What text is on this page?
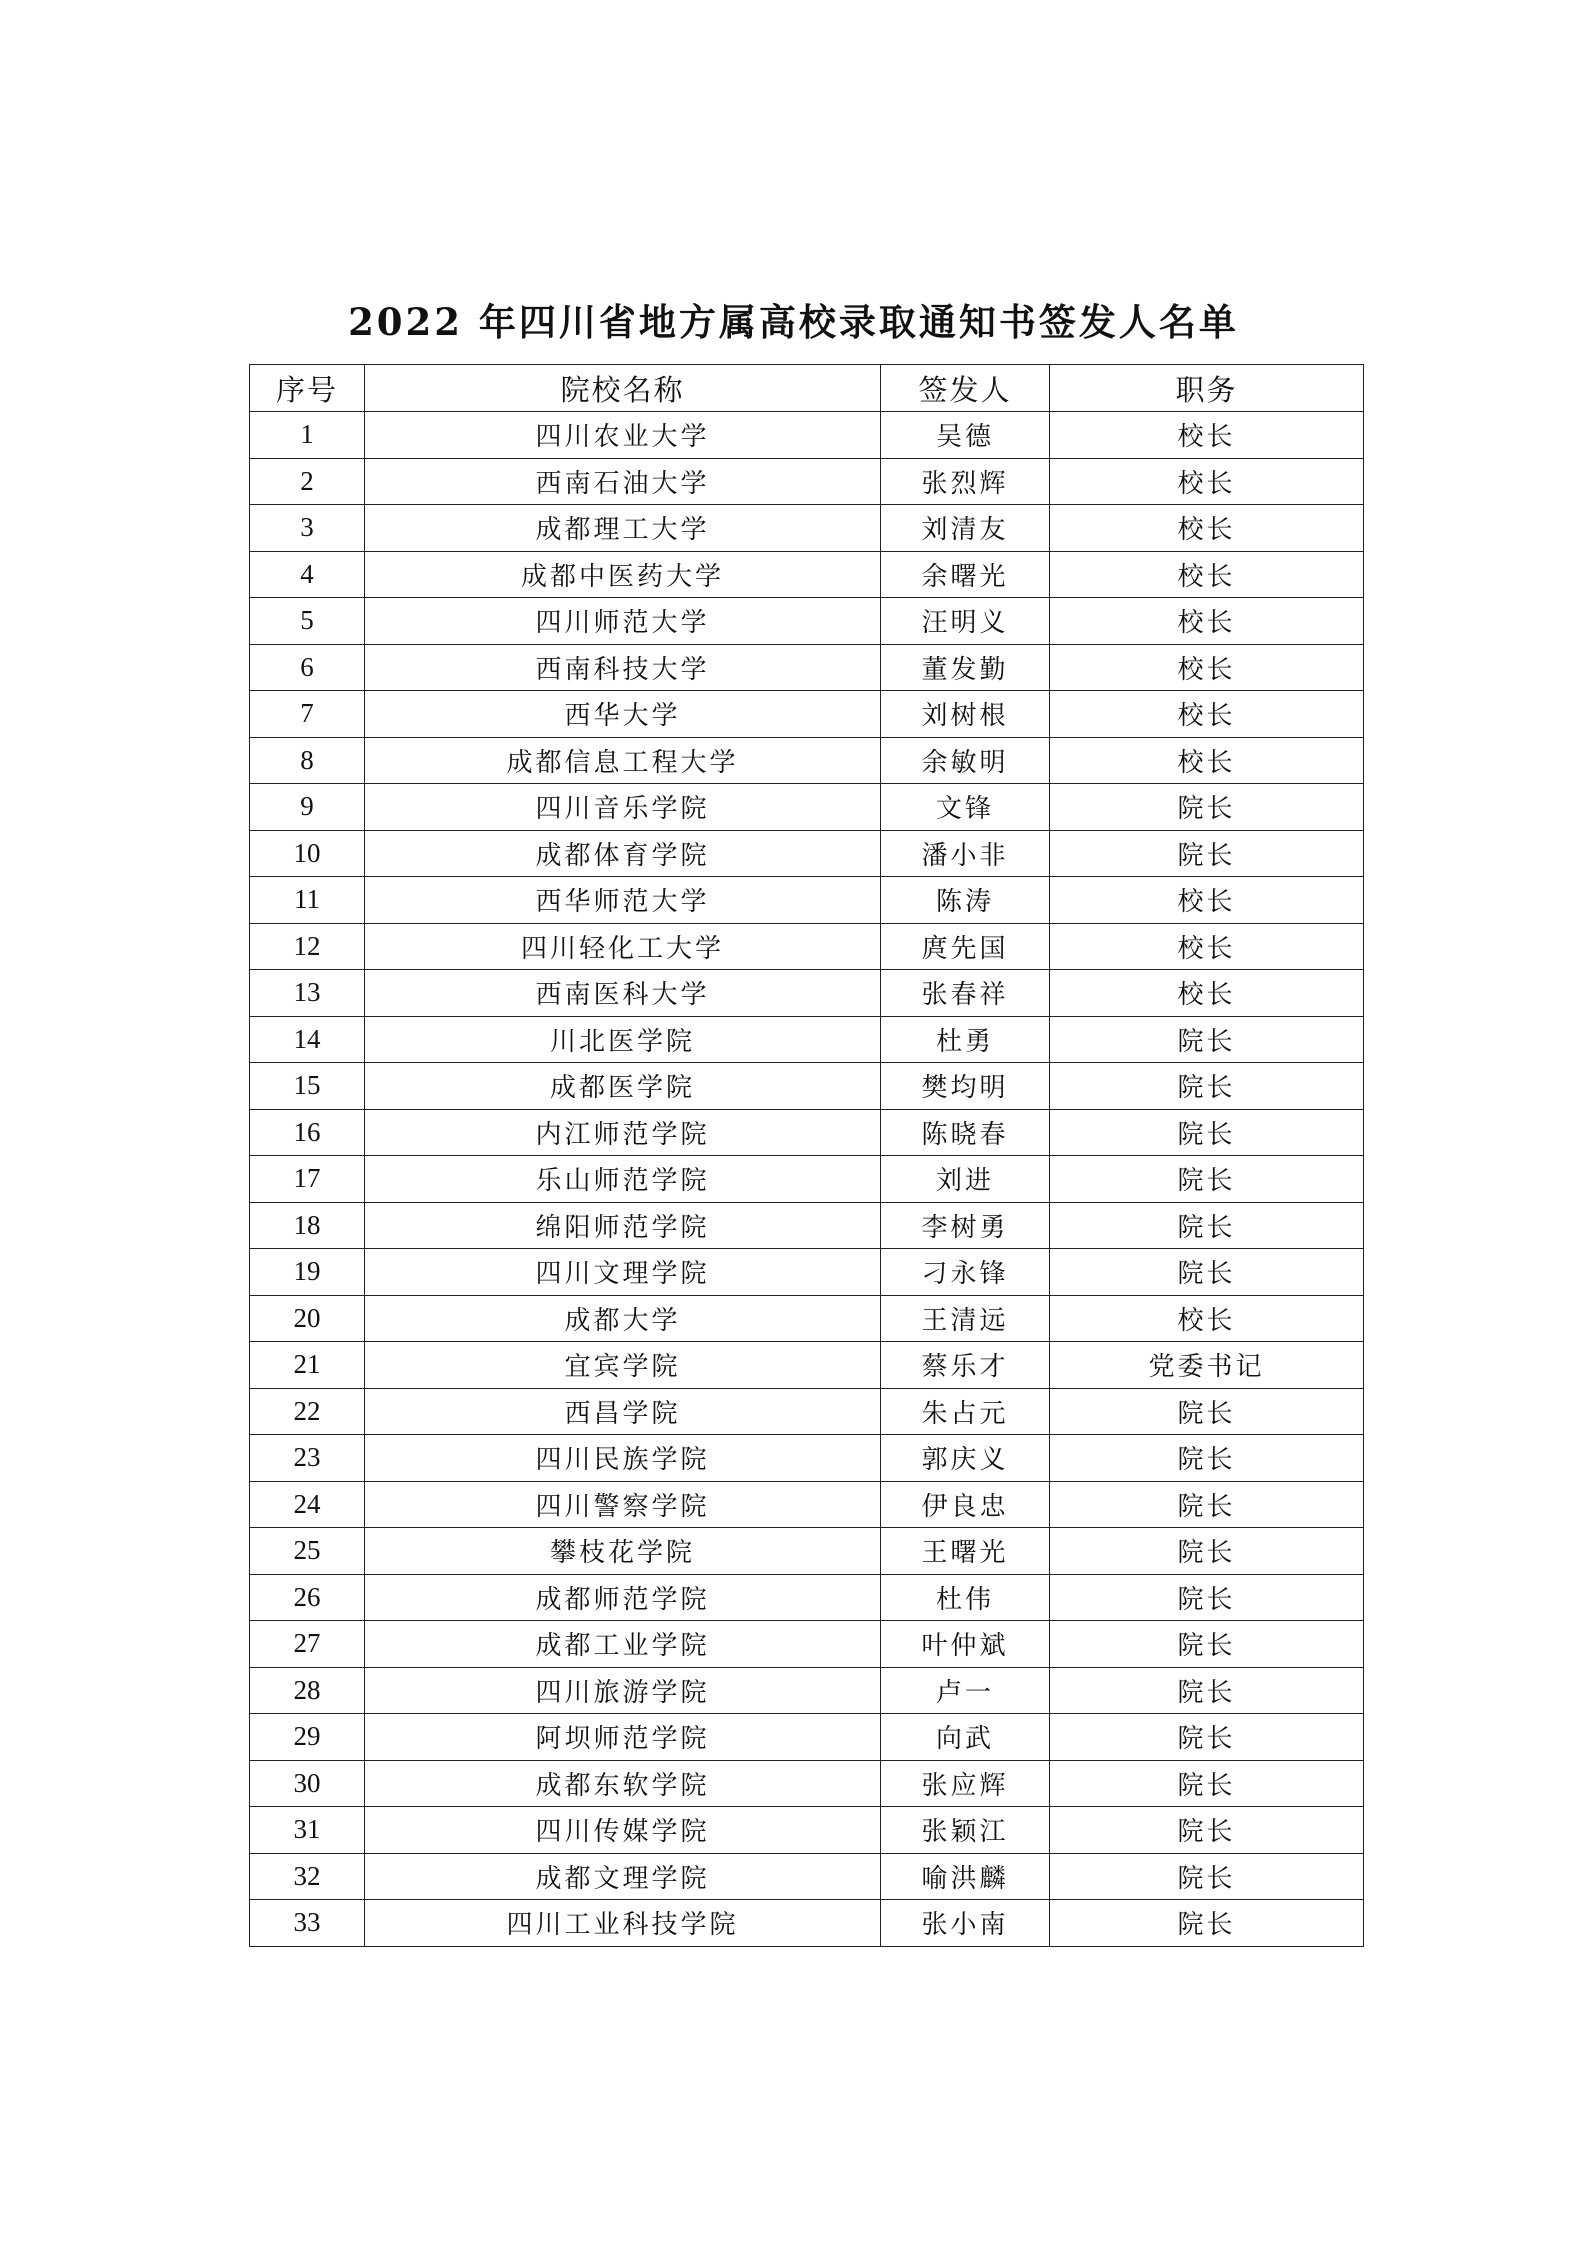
2022 年四川省地方属高校录取通知书签发人名单
序号	院校名称	签发人	职务
1	四川农业大学	吴德	校长
2	西南石油大学	张烈辉	校长
3	成都理工大学	刘清友	校长
4	成都中医药大学	余曙光	校长
5	四川师范大学	汪明义	校长
6	西南科技大学	董发勤	校长
7	西华大学	刘树根	校长
8	成都信息工程大学	余敏明	校长
9	四川音乐学院	文锋	院长
10	成都体育学院	潘小非	院长
11	西华师范大学	陈涛	校长
12	四川轻化工大学	庹先国	校长
13	西南医科大学	张春祥	校长
14	川北医学院	杜勇	院长
15	成都医学院	樊均明	院长
16	内江师范学院	陈晓春	院长
17	乐山师范学院	刘进	院长
18	绵阳师范学院	李树勇	院长
19	四川文理学院	刁永锋	院长
20	成都大学	王清远	校长
21	宜宾学院	蔡乐才	党委书记
22	西昌学院	朱占元	院长
23	四川民族学院	郭庆义	院长
24	四川警察学院	伊良忠	院长
25	攀枝花学院	王曙光	院长
26	成都师范学院	杜伟	院长
27	成都工业学院	叶仲斌	院长
28	四川旅游学院	卢一	院长
29	阿坝师范学院	向武	院长
30	成都东软学院	张应辉	院长
31	四川传媒学院	张颖江	院长
32	成都文理学院	喻洪麟	院长
33	四川工业科技学院	张小南	院长
